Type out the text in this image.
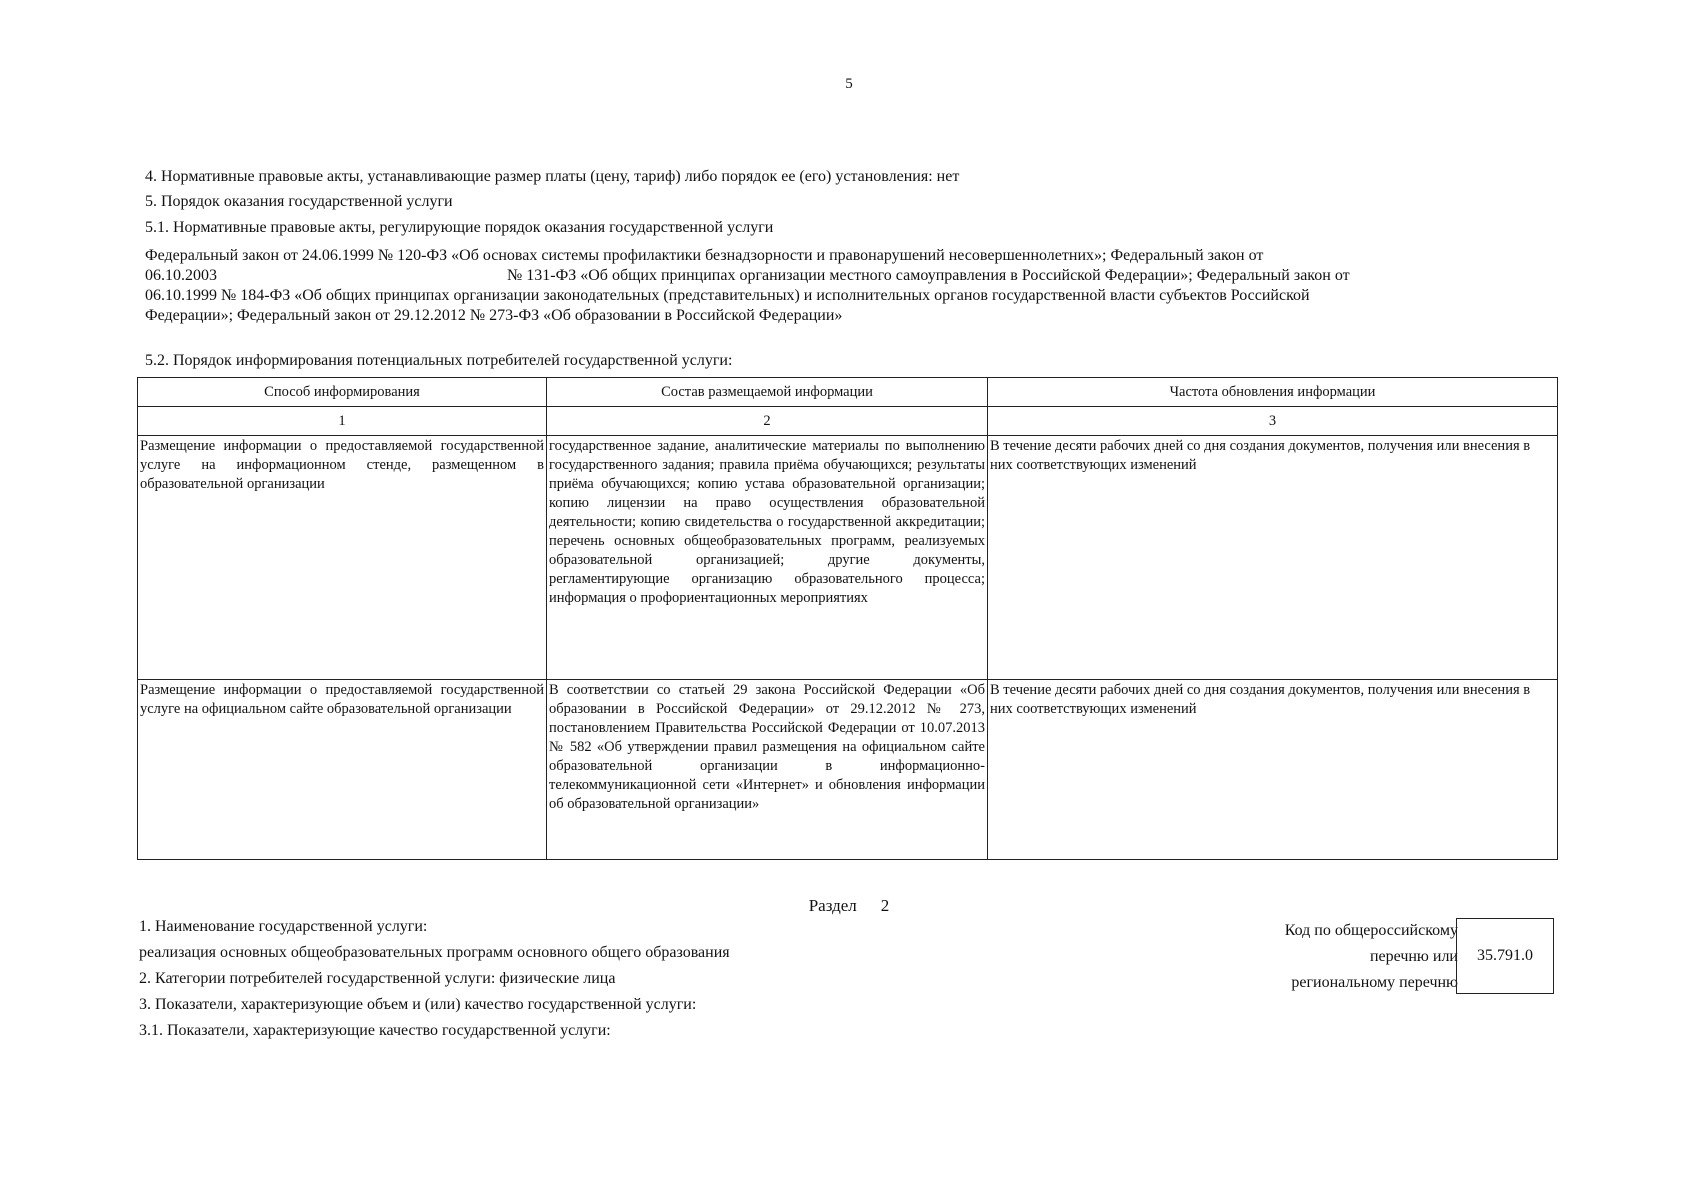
5
4. Нормативные правовые акты, устанавливающие размер платы (цену, тариф) либо порядок ее (его) установления: нет
5. Порядок оказания государственной услуги
5.1. Нормативные правовые акты, регулирующие порядок оказания государственной услуги
Федеральный закон от 24.06.1999 № 120-ФЗ «Об основах системы профилактики безнадзорности и правонарушений несовершеннолетних»; Федеральный закон от
06.10.2003	№ 131-ФЗ «Об общих принципах организации местного самоуправления в Российской Федерации»; Федеральный закон от
06.10.1999 № 184-ФЗ «Об общих принципах организации законодательных (представительных) и исполнительных органов государственной власти субъектов Российской
Федерации»; Федеральный закон от 29.12.2012 № 273-ФЗ «Об образовании в Российской Федерации»
5.2. Порядок информирования потенциальных потребителей государственной услуги:
Способ информирования	Состав размещаемой информации	Частота обновления информации
1	2	3
Размещение информации о предоставляемой государственной услуге на информационном стенде, размещенном в образовательной организации	государственное задание, аналитические материалы по выполнению государственного задания; правила приёма обучающихся; результаты приёма обучающихся; копию устава образовательной организации; копию лицензии на право осуществления образовательной деятельности; копию свидетельства о государственной аккредитации; перечень основных общеобразовательных программ, реализуемых образовательной организацией; другие документы, регламентирующие организацию образовательного процесса; информация о профориентационных мероприятиях	В течение десяти рабочих дней со дня создания документов, получения или внесения в них соответствующих изменений
Размещение информации о предоставляемой государственной услуге на официальном сайте образовательной организации	В соответствии со статьей 29 закона Российской Федерации «Об образовании в Российской Федерации» от 29.12.2012 № 273, постановлением Правительства Российской Федерации от 10.07.2013 № 582 «Об утверждении правил размещения на официальном сайте образовательной организации в информационно-телекоммуникационной сети «Интернет» и обновления информации об образовательной организации»	В течение десяти рабочих дней со дня создания документов, получения или внесения в них соответствующих изменений
Раздел 2
1. Наименование государственной услуги:
реализация основных общеобразовательных программ основного общего образования
2. Категории потребителей государственной услуги: физические лица
3. Показатели, характеризующие объем и (или) качество государственной услуги:
3.1. Показатели, характеризующие качество государственной услуги:
Код по общероссийскому
перечню или
региональному перечню
35.791.0
